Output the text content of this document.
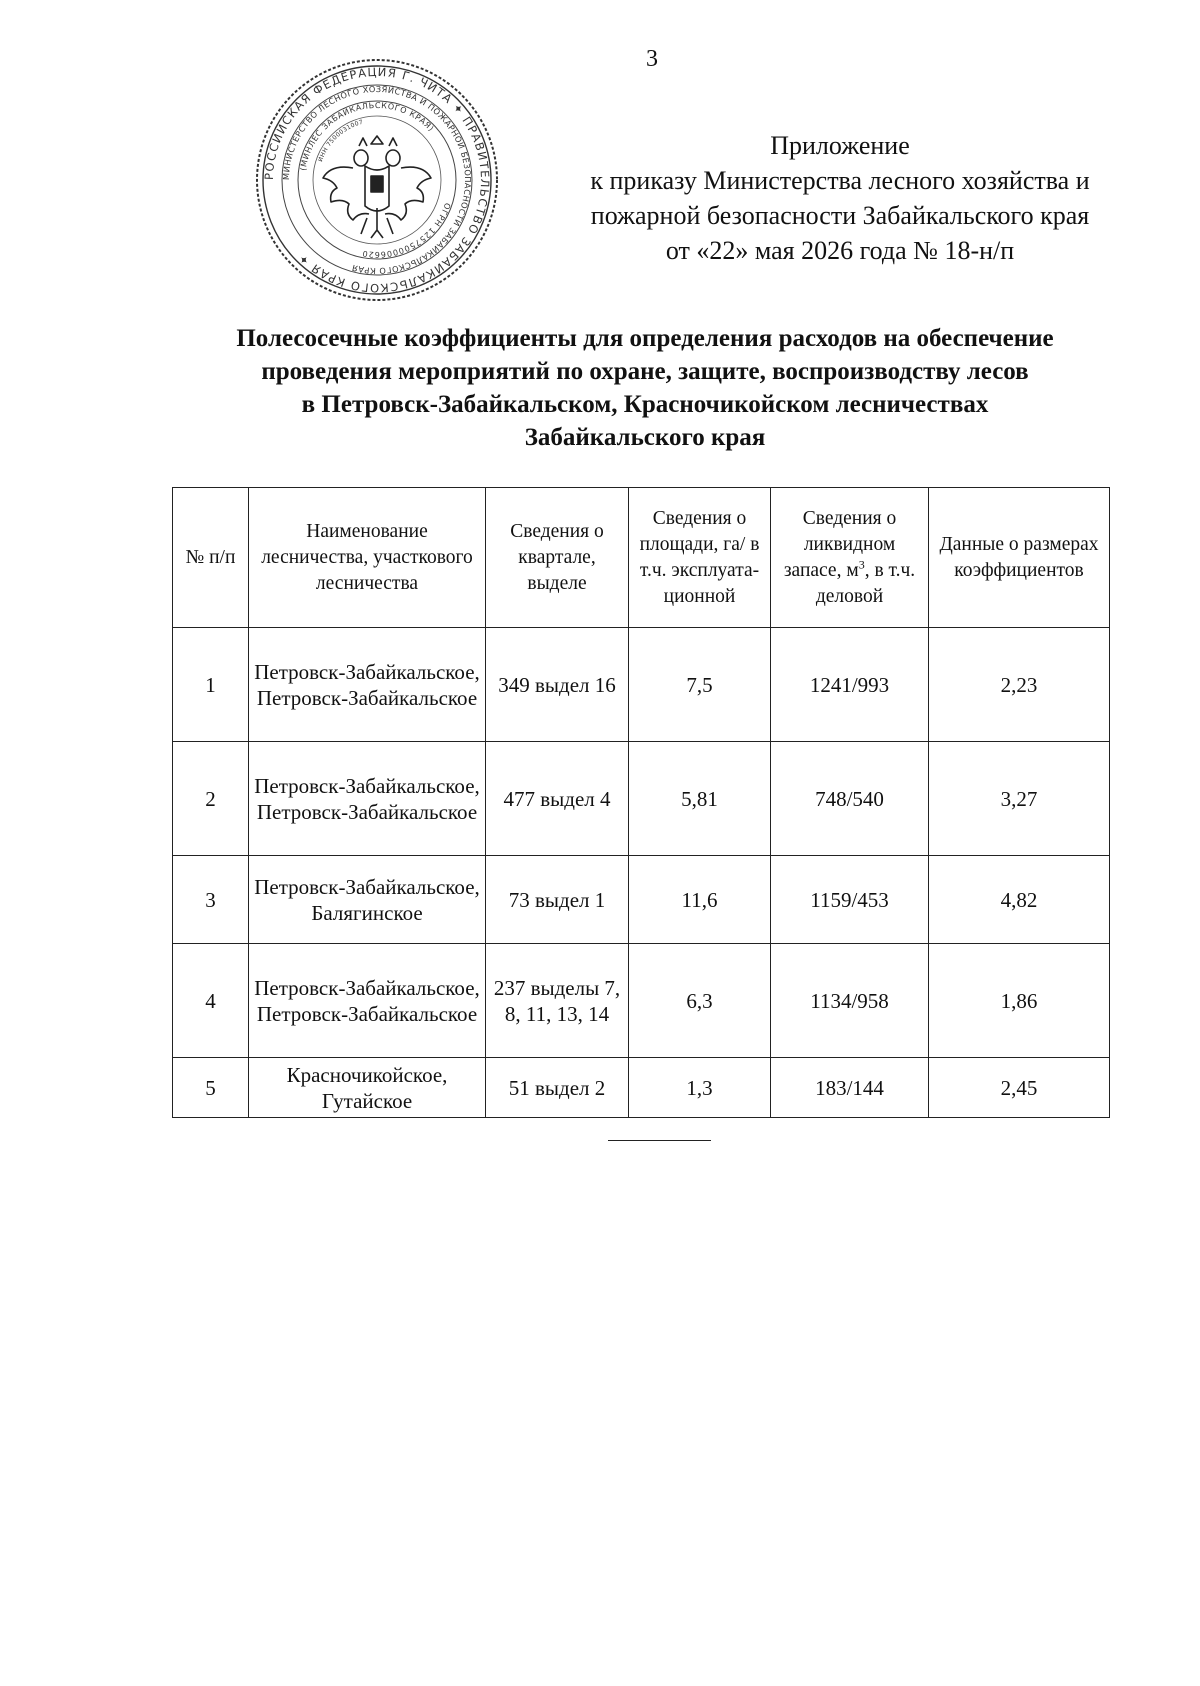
3
РОССИЙСКАЯ ФЕДЕРАЦИЯ Г. ЧИТА ✦ ПРАВИТЕЛЬСТВО ЗАБАЙКАЛЬСКОГО КРАЯ ✦
МИНИСТЕРСТВО ЛЕСНОГО ХОЗЯЙСТВА И ПОЖАРНОЙ БЕЗОПАСНОСТИ ЗАБАЙКАЛЬСКОГО КРАЯ
(МИНЛЕС ЗАБАЙКАЛЬСКОГО КРАЯ)
ОГРН 1257500006620
ИНН 7500031007
Приложение
к приказу Министерства лесного хозяйства и
пожарной безопасности Забайкальского края
от «22» мая 2026 года № 18-н/п
Полесосечные коэффициенты для определения расходов на обеспечение
проведения мероприятий по охране, защите, воспроизводству лесов
в Петровск-Забайкальском, Красночикойском лесничествах
Забайкальского края
№ п/п	Наименование лесничества, участкового лесничества	Сведения о квартале, выделе	Сведения о площади, га/ в т.ч. эксплуата-ционной	Сведения о ликвидном запасе, $м^3$, в т.ч. деловой	Данные о размерах коэффициентов
1	Петровск-Забайкальское, Петровск-Забайкальское	349 выдел 16	7,5	1241/993	2,23
2	Петровск-Забайкальское, Петровск-Забайкальское	477 выдел 4	5,81	748/540	3,27
3	Петровск-Забайкальское, Балягинское	73 выдел 1	11,6	1159/453	4,82
4	Петровск-Забайкальское, Петровск-Забайкальское	237 выделы 7, 8, 11, 13, 14	6,3	1134/958	1,86
5	Красночикойское, Гутайское	51 выдел 2	1,3	183/144	2,45
